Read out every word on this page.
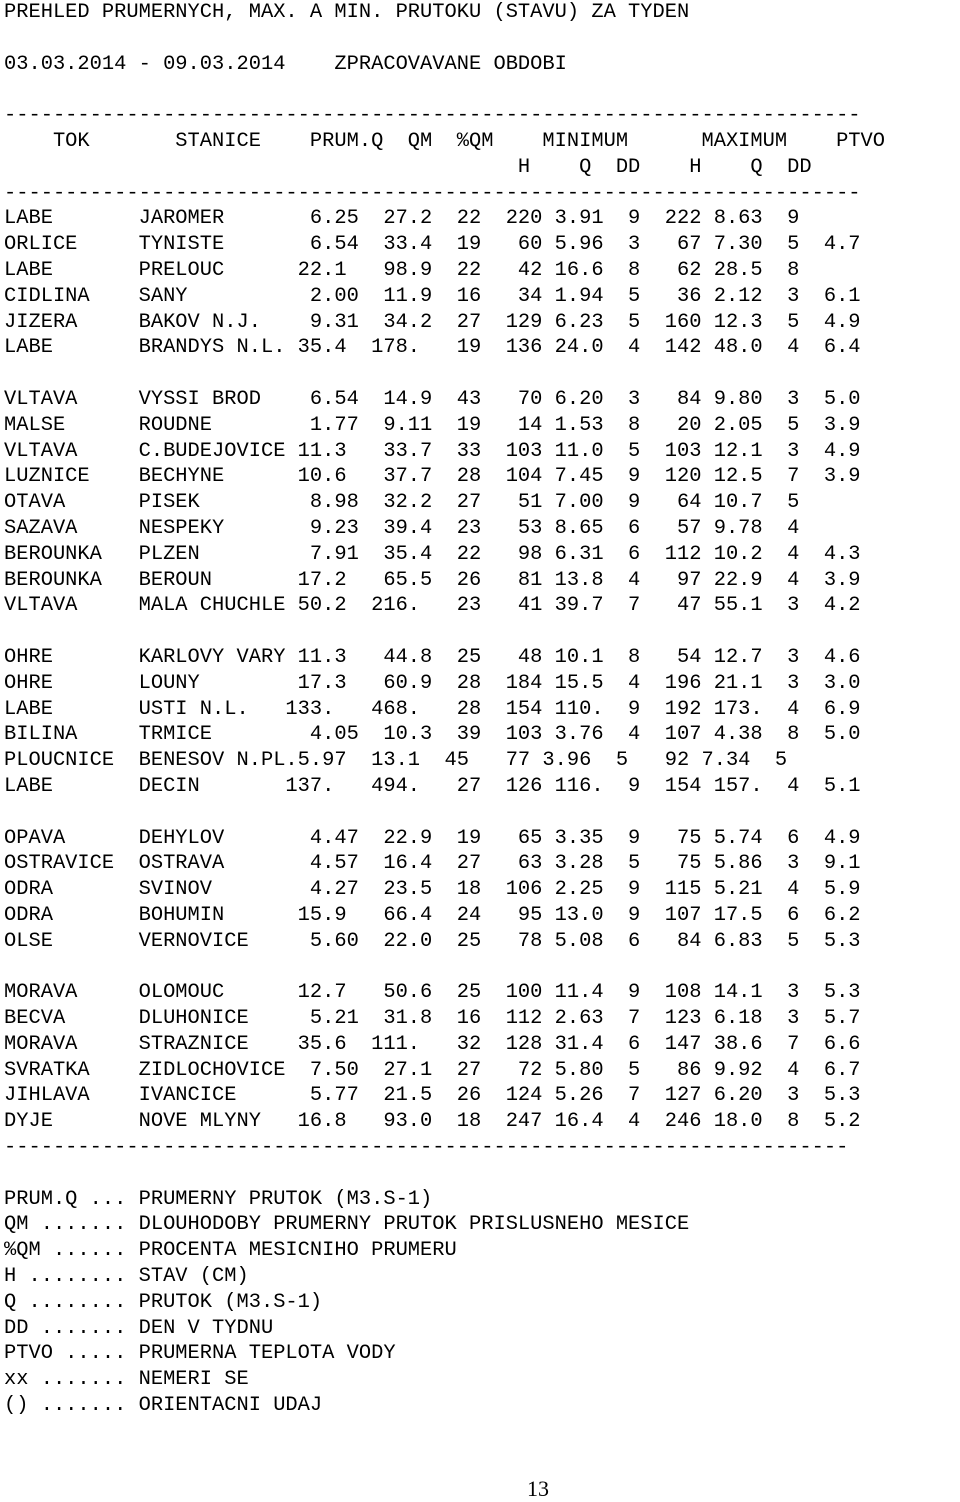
PREHLED PRUMERNYCH, MAX. A MIN. PRUTOKU (STAVU) ZA TYDEN
03.03.2014 - 09.03.2014    ZPRACOVAVANE OBDOBI
----------------------------------------------------------------------
TOK       STANICE    PRUM.Q  QM  %QM    MINIMUM      MAXIMUM    PTVO
H    Q  DD    H    Q  DD
----------------------------------------------------------------------
LABE       JAROMER       6.25  27.2  22  220 3.91  9  222 8.63  9
ORLICE     TYNISTE       6.54  33.4  19   60 5.96  3   67 7.30  5  4.7
LABE       PRELOUC      22.1   98.9  22   42 16.6  8   62 28.5  8
CIDLINA    SANY          2.00  11.9  16   34 1.94  5   36 2.12  3  6.1
JIZERA     BAKOV N.J.    9.31  34.2  27  129 6.23  5  160 12.3  5  4.9
LABE       BRANDYS N.L. 35.4  178.   19  136 24.0  4  142 48.0  4  6.4
VLTAVA     VYSSI BROD    6.54  14.9  43   70 6.20  3   84 9.80  3  5.0
MALSE      ROUDNE        1.77  9.11  19   14 1.53  8   20 2.05  5  3.9
VLTAVA     C.BUDEJOVICE 11.3   33.7  33  103 11.0  5  103 12.1  3  4.9
LUZNICE    BECHYNE      10.6   37.7  28  104 7.45  9  120 12.5  7  3.9
OTAVA      PISEK         8.98  32.2  27   51 7.00  9   64 10.7  5
SAZAVA     NESPEKY       9.23  39.4  23   53 8.65  6   57 9.78  4
BEROUNKA   PLZEN         7.91  35.4  22   98 6.31  6  112 10.2  4  4.3
BEROUNKA   BEROUN       17.2   65.5  26   81 13.8  4   97 22.9  4  3.9
VLTAVA     MALA CHUCHLE 50.2  216.   23   41 39.7  7   47 55.1  3  4.2
OHRE       KARLOVY VARY 11.3   44.8  25   48 10.1  8   54 12.7  3  4.6
OHRE       LOUNY        17.3   60.9  28  184 15.5  4  196 21.1  3  3.0
LABE       USTI N.L.   133.   468.   28  154 110.  9  192 173.  4  6.9
BILINA     TRMICE        4.05  10.3  39  103 3.76  4  107 4.38  8  5.0
PLOUCNICE  BENESOV N.PL.5.97  13.1  45   77 3.96  5   92 7.34  5
LABE       DECIN       137.   494.   27  126 116.  9  154 157.  4  5.1
OPAVA      DEHYLOV       4.47  22.9  19   65 3.35  9   75 5.74  6  4.9
OSTRAVICE  OSTRAVA       4.57  16.4  27   63 3.28  5   75 5.86  3  9.1
ODRA       SVINOV        4.27  23.5  18  106 2.25  9  115 5.21  4  5.9
ODRA       BOHUMIN      15.9   66.4  24   95 13.0  9  107 17.5  6  6.2
OLSE       VERNOVICE     5.60  22.0  25   78 5.08  6   84 6.83  5  5.3
MORAVA     OLOMOUC      12.7   50.6  25  100 11.4  9  108 14.1  3  5.3
BECVA      DLUHONICE     5.21  31.8  16  112 2.63  7  123 6.18  3  5.7
MORAVA     STRAZNICE    35.6  111.   32  128 31.4  6  147 38.6  7  6.6
SVRATKA    ZIDLOCHOVICE  7.50  27.1  27   72 5.80  5   86 9.92  4  6.7
JIHLAVA    IVANCICE      5.77  21.5  26  124 5.26  7  127 6.20  3  5.3
DYJE       NOVE MLYNY   16.8   93.0  18  247 16.4  4  246 18.0  8  5.2
---------------------------------------------------------------------
PRUM.Q ... PRUMERNY PRUTOK (M3.S-1)
QM ....... DLOUHODOBY PRUMERNY PRUTOK PRISLUSNEHO MESICE
%QM ...... PROCENTA MESICNIHO PRUMERU
H ........ STAV (CM)
Q ........ PRUTOK (M3.S-1)
DD ....... DEN V TYDNU
PTVO ..... PRUMERNA TEPLOTA VODY
xx ....... NEMERI SE
() ....... ORIENTACNI UDAJ
13
